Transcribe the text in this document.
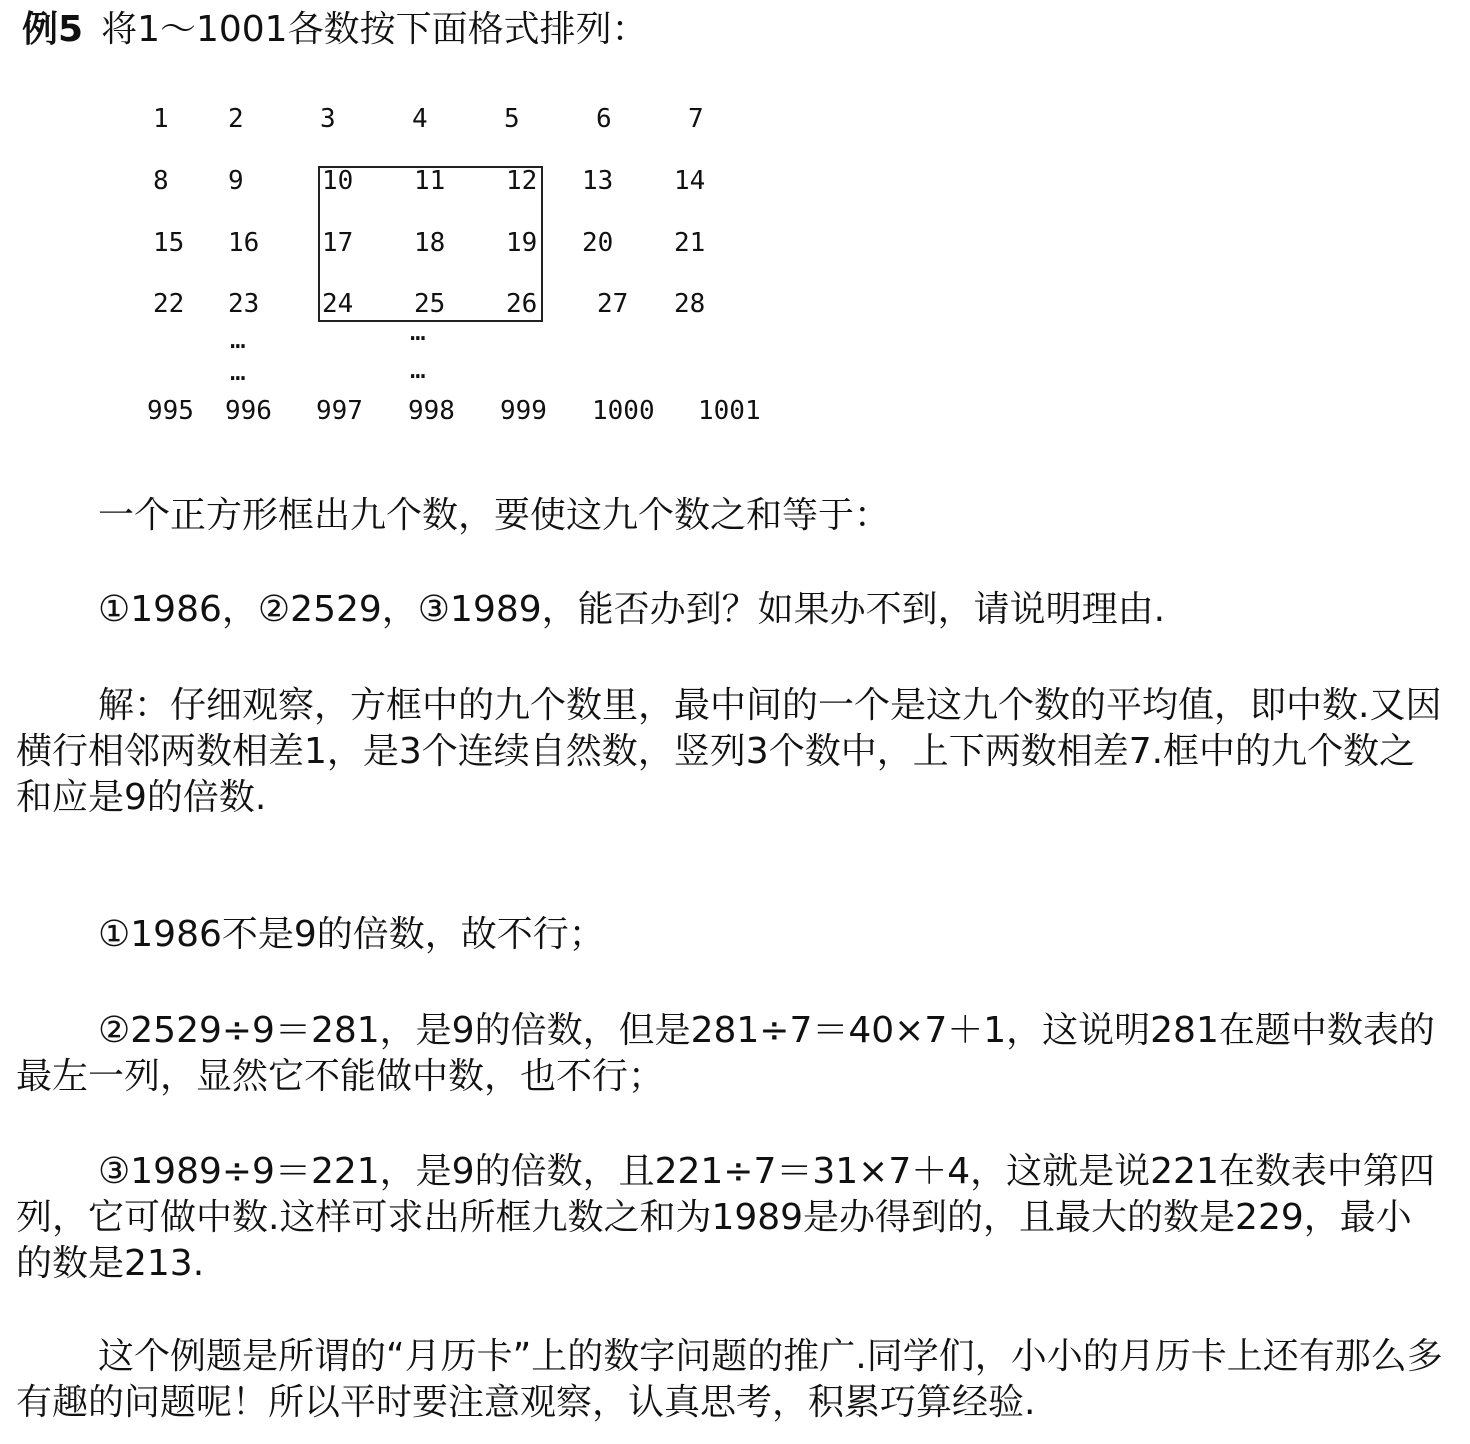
例5 将1～1001各数按下面格式排列：
1 2	3	4	5	6	7
8 9	10 11 12 13 14
15 16 17 18 19 20 21
22 23 24 25 26 27 28
…
…
…
…
995 996 997 998 999 1000 1001

一个正方形框出九个数，要使这九个数之和等于：

①1986，②2529，③1989，能否办到？如果办不到，请说明理由.

解：仔细观察，方框中的九个数里，最中间的一个是这九个数的平均值，即中数.又因横行相邻两数相差1，是3个连续自然数，竖列3个数中，上下两数相差7.框中的九个数之和应是9的倍数.

①1986不是9的倍数，故不行；

②2529÷9＝281，是9的倍数，但是281÷7＝40×7＋1，这说明281在题中数表的最左一列，显然它不能做中数，也不行；

③1989÷9＝221，是9的倍数，且221÷7＝31×7＋4，这就是说221在数表中第四列，它可做中数.这样可求出所框九数之和为1989是办得到的，且最大的数是229，最小的数是213.

这个例题是所谓的“月历卡”上的数字问题的推广.同学们，小小的月历卡上还有那么多有趣的问题呢！所以平时要注意观察，认真思考，积累巧算经验.
